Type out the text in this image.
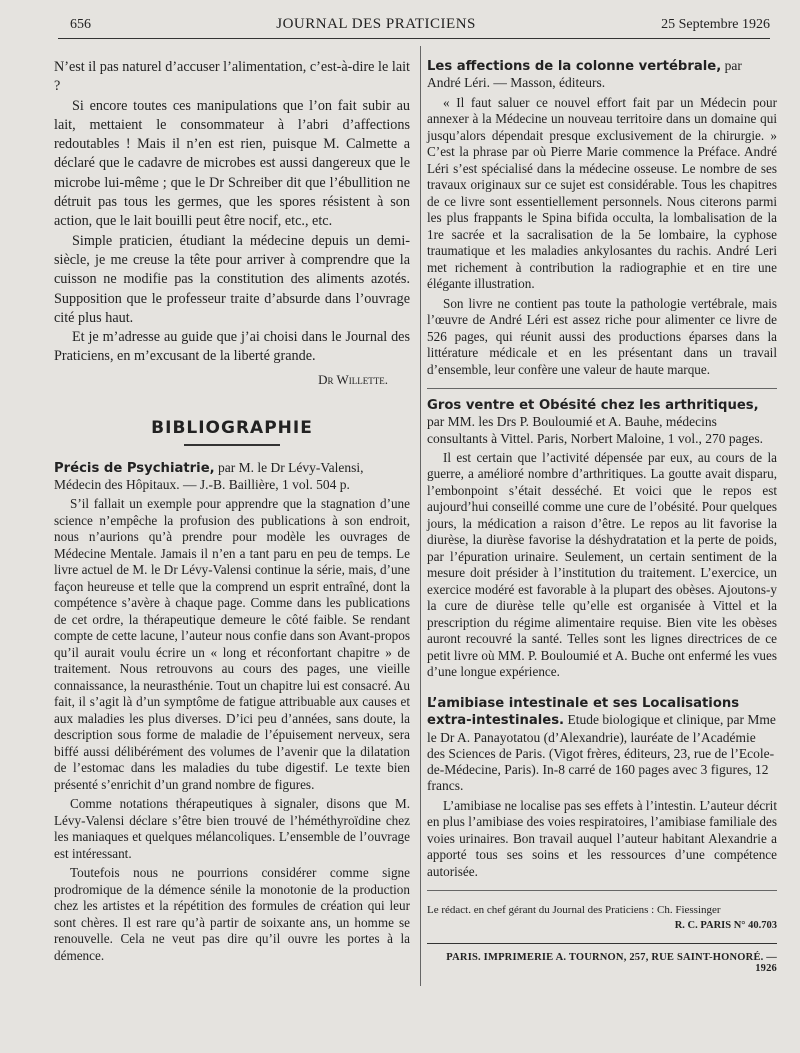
656	JOURNAL DES PRATICIENS	25 Septembre 1926

N’est il pas naturel d’accuser l’alimentation, c’est-à-dire le lait ?

Si encore toutes ces manipulations que l’on fait subir au lait, mettaient le consommateur à l’abri d’affections redoutables ! Mais il n’en est rien, puisque M. Calmette a déclaré que le cadavre de microbes est aussi dangereux que le microbe lui-même ; que le Dr Schreiber dit que l’ébullition ne détruit pas tous les germes, que les spores résistent à son action, que le lait bouilli peut être nocif, etc., etc.

Simple praticien, étudiant la médecine depuis un demi-siècle, je me creuse la tête pour arriver à comprendre que la cuisson ne modifie pas la constitution des aliments azotés. Supposition que le professeur traite d’absurde dans l’ouvrage cité plus haut.

Et je m’adresse au guide que j’ai choisi dans le Journal des Praticiens, en m’excusant de la liberté grande.

Dr Willette.
BIBLIOGRAPHIE
Précis de Psychiatrie, par M. le Dr Lévy-Valensi, Médecin des Hôpitaux. — J.-B. Baillière, 1 vol. 504 p.

S’il fallait un exemple pour apprendre que la stagnation d’une science n’empêche la profusion des publications à son endroit, nous n’aurions qu’à prendre pour modèle les ouvrages de Médecine Mentale. Jamais il n’en a tant paru en peu de temps. Le livre actuel de M. le Dr Lévy-Valensi continue la série, mais, d’une façon heureuse et telle que la comprend un esprit entraîné, dont la compétence s’avère à chaque page. Comme dans les publications de cet ordre, la thérapeutique demeure le côté faible. Se rendant compte de cette lacune, l’auteur nous confie dans son Avant-propos qu’il aurait voulu écrire un « long et réconfortant chapitre » de traitement. Nous retrouvons au cours des pages, une vieille connaissance, la neurasthénie. Tout un chapitre lui est consacré. Au fait, il s’agit là d’un symptôme de fatigue attribuable aux causes et aux maladies les plus diverses. D’ici peu d’années, sans doute, la description sous forme de maladie de l’épuisement nerveux, sera biffé aussi délibérément des volumes de l’avenir que la dilatation de l’estomac dans les maladies du tube digestif. Le texte bien présenté s’enrichit d’un grand nombre de figures.

Comme notations thérapeutiques à signaler, disons que M. Lévy-Valensi déclare s’être bien trouvé de l’héméthyroïdine chez les maniaques et quelques mélancoliques. L’ensemble de l’ouvrage est intéressant.

Toutefois nous ne pourrions considérer comme signe prodromique de la démence sénile la monotonie de la production chez les artistes et la répétition des formules de création qui leur sont chères. Il est rare qu’à partir de soixante ans, un homme se renouvelle. Cela ne veut pas dire qu’il ouvre les portes à la démence.

Les affections de la colonne vertébrale, par André Léri. — Masson, éditeurs.

« Il faut saluer ce nouvel effort fait par un Médecin pour annexer à la Médecine un nouveau territoire dans un domaine qui jusqu’alors dépendait presque exclusivement de la chirurgie. » C’est la phrase par où Pierre Marie commence la Préface. André Léri s’est spécialisé dans la médecine osseuse. Le nombre de ses travaux originaux sur ce sujet est considérable. Tous les chapitres de ce livre sont essentiellement personnels. Nous citerons parmi les plus frappants le Spina bifida occulta, la lombalisation de la 1re sacrée et la sacralisation de la 5e lombaire, la cyphose traumatique et les maladies ankylosantes du rachis. André Leri met richement à contribution la radiographie et en tire une élégante illustration.

Son livre ne contient pas toute la pathologie vertébrale, mais l’œuvre de André Léri est assez riche pour alimenter ce livre de 526 pages, qui réunit aussi des productions éparses dans la littérature médicale et en les présentant dans un travail d’ensemble, leur confère une valeur de haute marque.

Gros ventre et Obésité chez les arthritiques, par MM. les Drs P. Bouloumié et A. Bauhe, médecins consultants à Vittel. Paris, Norbert Maloine, 1 vol., 270 pages.

Il est certain que l’activité dépensée par eux, au cours de la guerre, a amélioré nombre d’arthritiques. La goutte avait disparu, l’embonpoint s’était desséché. Et voici que le repos est aujourd’hui conseillé comme une cure de l’obésité. Pour quelques jours, la médication a raison d’être. Le repos au lit favorise la diurèse, la diurèse favorise la déshydratation et la perte de poids, par l’épuration urinaire. Seulement, un certain sentiment de la mesure doit présider à l’institution du traitement. L’exercice, un exercice modéré est favorable à la plupart des obèses. Ajoutons-y la cure de diurèse telle qu’elle est organisée à Vittel et la prescription du régime alimentaire requise. Bien vite les obèses auront recouvré la santé. Telles sont les lignes directrices de ce petit livre où MM. P. Bouloumié et A. Buche ont enfermé les vues d’une longue expérience.

L’amibiase intestinale et ses Localisations extra-intestinales. Etude biologique et clinique, par Mme le Dr A. Panayotatou (d’Alexandrie), lauréate de l’Académie des Sciences de Paris. (Vigot frères, éditeurs, 23, rue de l’Ecole-de-Médecine, Paris). In-8 carré de 160 pages avec 3 figures, 12 francs.

L’amibiase ne localise pas ses effets à l’intestin. L’auteur décrit en plus l’amibiase des voies respiratoires, l’amibiase familiale des voies urinaires. Bon travail auquel l’auteur habitant Alexandrie a apporté tous ses soins et les ressources d’une compétence autorisée.

Le rédact. en chef gérant du Journal des Praticiens : Ch. Fiessinger
R. C. PARIS N° 40.703
PARIS. IMPRIMERIE A. TOURNON, 257, RUE SAINT-HONORÉ. — 1926
